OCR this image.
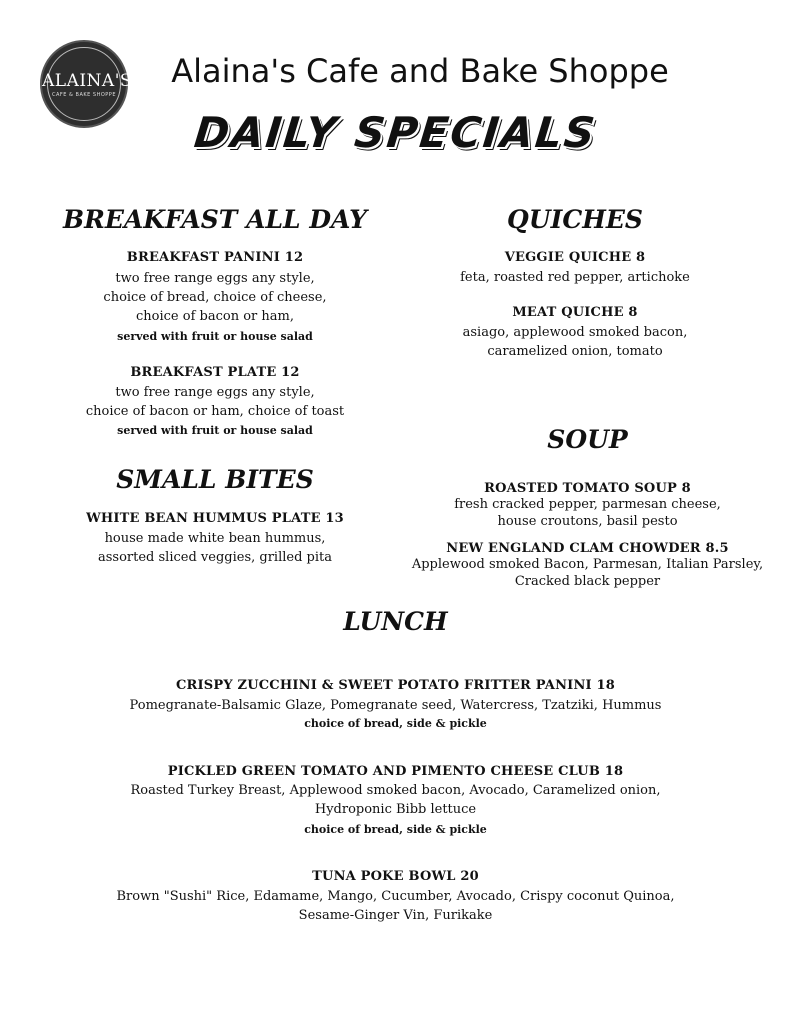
ALAINA'S
CAFE & BAKE SHOPPE
Alaina's Cafe and Bake Shoppe
DAILY SPECIALS
BREAKFAST ALL DAY
BREAKFAST PANINI 12
two free range eggs any style,
choice of bread, choice of cheese,
choice of bacon or ham,
served with fruit or house salad
BREAKFAST PLATE 12
two free range eggs any style,
choice of bacon or ham, choice of toast
served with fruit or house salad
SMALL BITES
WHITE BEAN HUMMUS PLATE 13
house made white bean hummus,
assorted sliced veggies, grilled pita
QUICHES
VEGGIE QUICHE 8
feta, roasted red pepper, artichoke
MEAT QUICHE 8
asiago, applewood smoked bacon,
caramelized onion, tomato
SOUP
ROASTED TOMATO SOUP 8
fresh cracked pepper, parmesan cheese,
house croutons, basil pesto
NEW ENGLAND CLAM CHOWDER 8.5
Applewood smoked Bacon, Parmesan, Italian Parsley,
Cracked black pepper
LUNCH
CRISPY ZUCCHINI & SWEET POTATO FRITTER PANINI 18
Pomegranate-Balsamic Glaze, Pomegranate seed, Watercress, Tzatziki, Hummus
choice of bread, side & pickle
PICKLED GREEN TOMATO AND PIMENTO CHEESE CLUB 18
Roasted Turkey Breast, Applewood smoked bacon, Avocado, Caramelized onion,
Hydroponic Bibb lettuce
choice of bread, side & pickle
TUNA POKE BOWL 20
Brown "Sushi" Rice, Edamame, Mango, Cucumber, Avocado, Crispy coconut Quinoa,
Sesame-Ginger Vin, Furikake
